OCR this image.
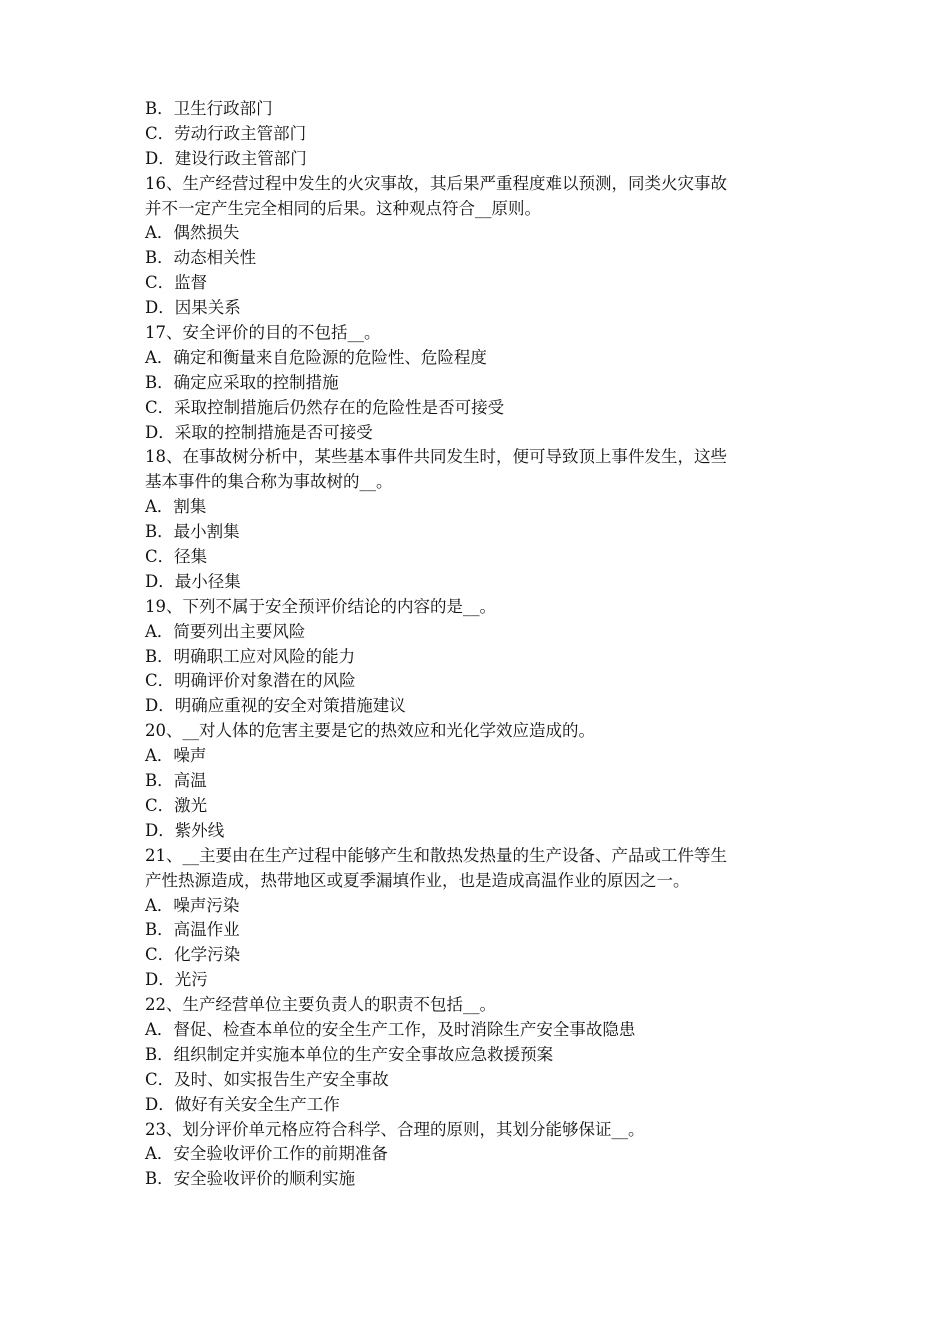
B．卫生行政部门

C．劳动行政主管部门

D．建设行政主管部门

16、生产经营过程中发生的火灾事故，其后果严重程度难以预测，同类火灾事故

并不一定产生完全相同的后果。这种观点符合__原则。

A．偶然损失

B．动态相关性

C．监督

D．因果关系

17、安全评价的目的不包括__。

A．确定和衡量来自危险源的危险性、危险程度

B．确定应采取的控制措施

C．采取控制措施后仍然存在的危险性是否可接受

D．采取的控制措施是否可接受

18、在事故树分析中，某些基本事件共同发生时，便可导致顶上事件发生，这些

基本事件的集合称为事故树的__。

A．割集

B．最小割集

C．径集

D．最小径集

19、下列不属于安全预评价结论的内容的是__。

A．简要列出主要风险

B．明确职工应对风险的能力

C．明确评价对象潜在的风险

D．明确应重视的安全对策措施建议

20、__对人体的危害主要是它的热效应和光化学效应造成的。

A．噪声

B．高温

C．激光

D．紫外线

21、__主要由在生产过程中能够产生和散热发热量的生产设备、产品或工件等生

产性热源造成，热带地区或夏季漏填作业，也是造成高温作业的原因之一。

A．噪声污染

B．高温作业

C．化学污染

D．光污

22、生产经营单位主要负责人的职责不包括__。

A．督促、检查本单位的安全生产工作，及时消除生产安全事故隐患

B．组织制定并实施本单位的生产安全事故应急救援预案

C．及时、如实报告生产安全事故

D．做好有关安全生产工作

23、划分评价单元格应符合科学、合理的原则，其划分能够保证__。

A．安全验收评价工作的前期准备

B．安全验收评价的顺利实施
